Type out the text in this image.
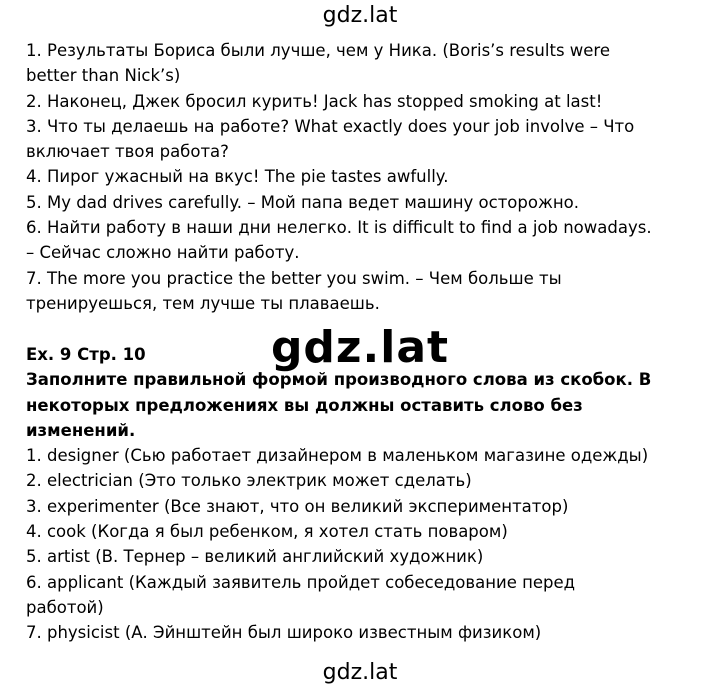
gdz.lat
1. Результаты Бориса были лучше, чем у Ника. (Boris’s results were
better than Nick’s)
2. Наконец, Джек бросил курить! Jack has stopped smoking at last!
3. Что ты делаешь на работе? What exactly does your job involve – Что
включает твоя работа?
4. Пирог ужасный на вкус! The pie tastes awfully.
5. My dad drives carefully. – Мой папа ведет машину осторожно.
6. Найти работу в наши дни нелегко. It is difficult to find a job nowadays.
– Сейчас сложно найти работу.
7. The more you practice the better you swim. – Чем больше ты
тренируешься, тем лучше ты плаваешь.
gdz.lat
Ex. 9 Стр. 10
Заполните правильной формой производного слова из скобок. В
некоторых предложениях вы должны оставить слово без
изменений.
1. designer (Сью работает дизайнером в маленьком магазине одежды)
2. electrician (Это только электрик может сделать)
3. experimenter (Все знают, что он великий экспериментатор)
4. cook (Когда я был ребенком, я хотел стать поваром)
5. artist (В. Тернер – великий английский художник)
6. applicant (Каждый заявитель пройдет собеседование перед
работой)
7. physicist (А. Эйнштейн был широко известным физиком)
gdz.lat
